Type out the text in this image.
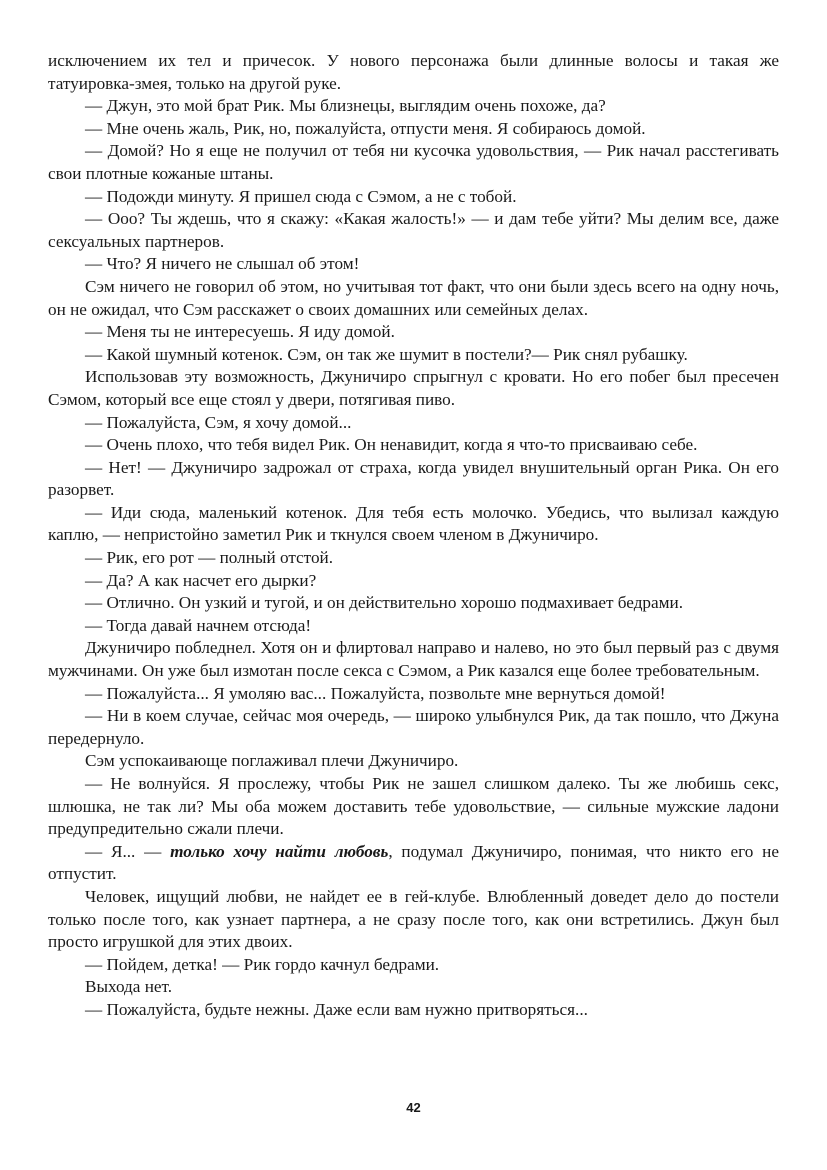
исключением их тел и причесок. У нового персонажа были длинные волосы и такая же татуировка-змея, только на другой руке.

— Джун, это мой брат Рик. Мы близнецы, выглядим очень похоже, да?

— Мне очень жаль, Рик, но, пожалуйста, отпусти меня. Я собираюсь домой.

— Домой? Но я еще не получил от тебя ни кусочка удовольствия, — Рик начал расстегивать свои плотные кожаные штаны.

— Подожди минуту. Я пришел сюда с Сэмом, а не с тобой.

— Ооо? Ты ждешь, что я скажу: «Какая жалость!» — и дам тебе уйти? Мы делим все, даже сексуальных партнеров.

— Что? Я ничего не слышал об этом!

Сэм ничего не говорил об этом, но учитывая тот факт, что они были здесь всего на одну ночь, он не ожидал, что Сэм расскажет о своих домашних или семейных делах.

— Меня ты не интересуешь. Я иду домой.

— Какой шумный котенок. Сэм, он так же шумит в постели?— Рик снял рубашку.

Использовав эту возможность, Джуничиро спрыгнул с кровати. Но его побег был пресечен Сэмом, который все еще стоял у двери, потягивая пиво.

— Пожалуйста, Сэм, я хочу домой...

— Очень плохо, что тебя видел Рик. Он ненавидит, когда я что-то присваиваю себе.

— Нет! — Джуничиро задрожал от страха, когда увидел внушительный орган Рика. Он его разорвет.

— Иди сюда, маленький котенок. Для тебя есть молочко. Убедись, что вылизал каждую каплю, — непристойно заметил Рик и ткнулся своем членом в Джуничиро.

— Рик, его рот — полный отстой.

— Да? А как насчет его дырки?

— Отлично. Он узкий и тугой, и он действительно хорошо подмахивает бедрами.

— Тогда давай начнем отсюда!

Джуничиро побледнел. Хотя он и флиртовал направо и налево, но это был первый раз с двумя мужчинами. Он уже был измотан после секса с Сэмом, а Рик казался еще более требовательным.

— Пожалуйста... Я умоляю вас... Пожалуйста, позвольте мне вернуться домой!

— Ни в коем случае, сейчас моя очередь, — широко улыбнулся Рик, да так пошло, что Джуна передернуло.

Сэм успокаивающе поглаживал плечи Джуничиро.

— Не волнуйся. Я прослежу, чтобы Рик не зашел слишком далеко. Ты же любишь секс, шлюшка, не так ли? Мы оба можем доставить тебе удовольствие, — сильные мужские ладони предупредительно сжали плечи.

— Я... — только хочу найти любовь, подумал Джуничиро, понимая, что никто его не отпустит.

Человек, ищущий любви, не найдет ее в гей-клубе. Влюбленный доведет дело до постели только после того, как узнает партнера, а не сразу после того, как они встретились. Джун был просто игрушкой для этих двоих.

— Пойдем, детка! — Рик гордо качнул бедрами.

Выхода нет.

— Пожалуйста, будьте нежны. Даже если вам нужно притворяться...

42
